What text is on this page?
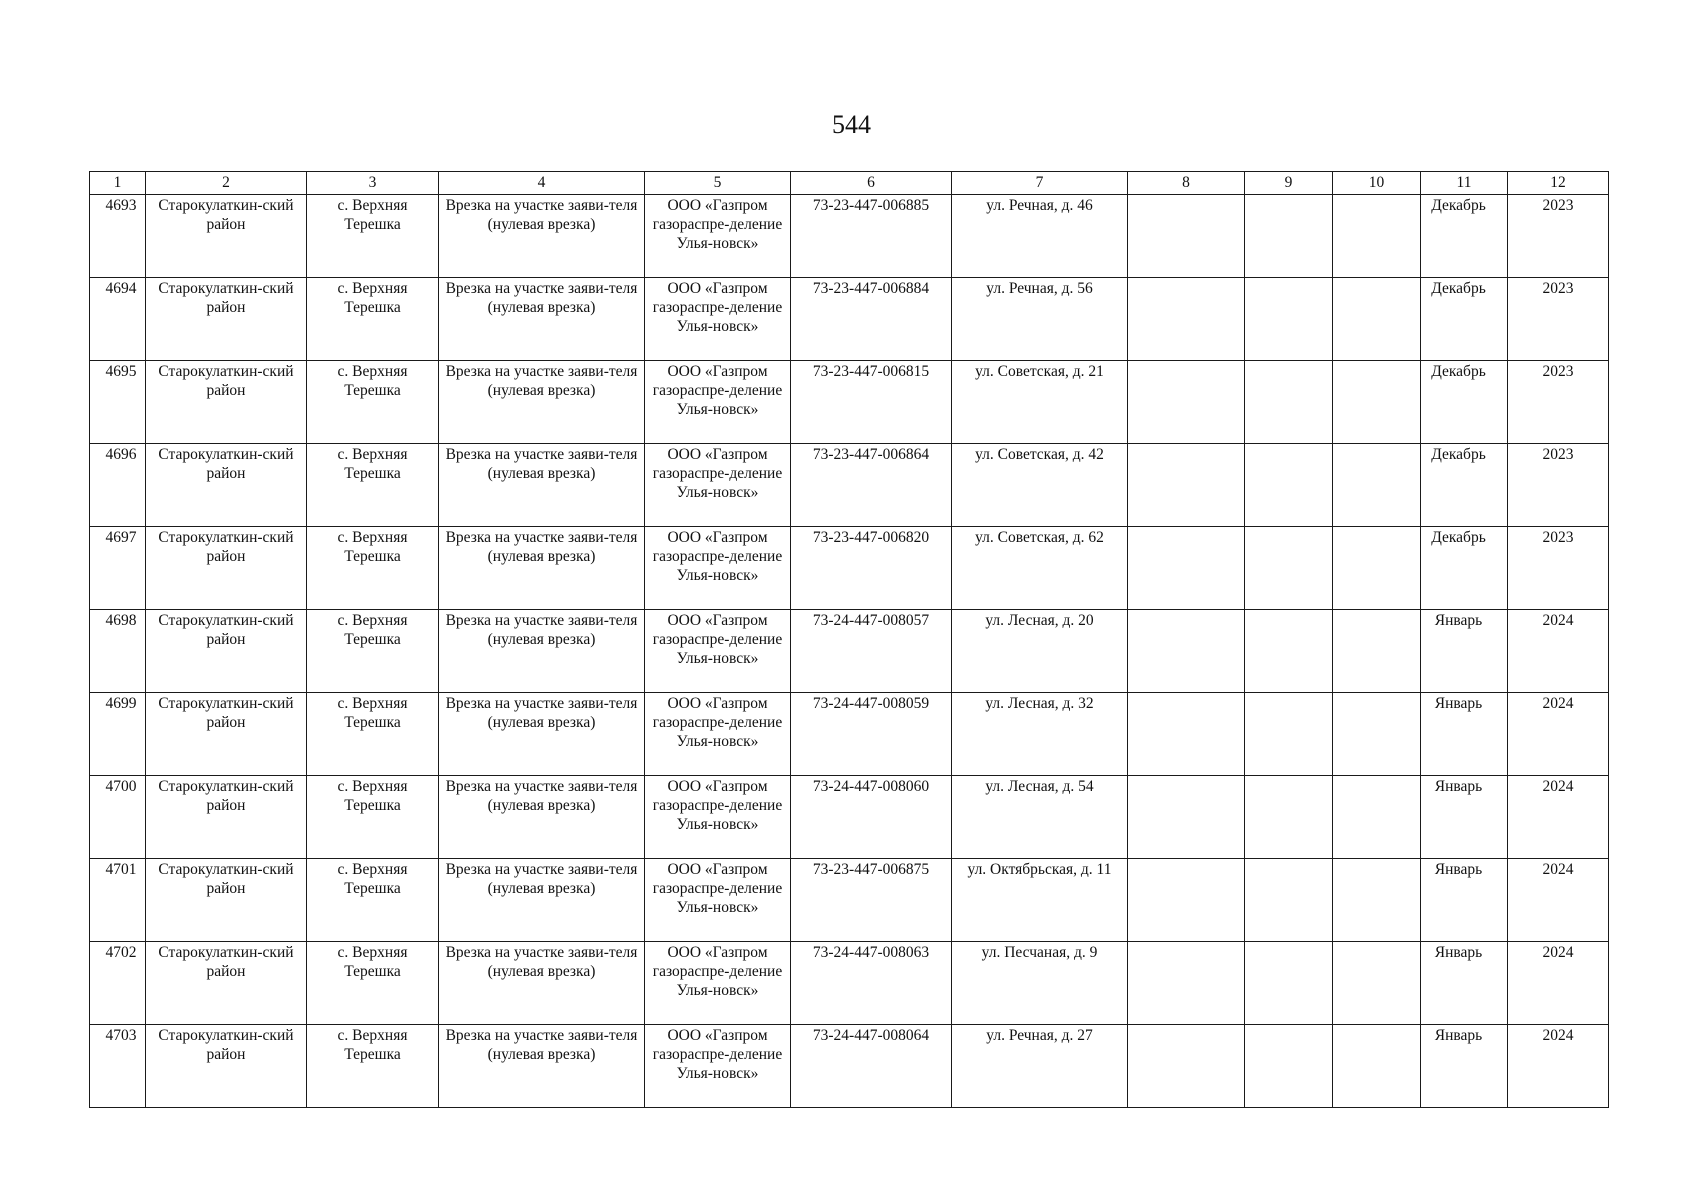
544
1	2	3	4	5	6	7	8	9	10	11	12
4693	Старокулаткин-ский район	с. Верхняя Терешка	Врезка на участке заяви-теля (нулевая врезка)	ООО «Газпром газораспре-деление Улья-новск»	73-23-447-006885	ул. Речная, д. 46				Декабрь	2023
4694	Старокулаткин-ский район	с. Верхняя Терешка	Врезка на участке заяви-теля (нулевая врезка)	ООО «Газпром газораспре-деление Улья-новск»	73-23-447-006884	ул. Речная, д. 56				Декабрь	2023
4695	Старокулаткин-ский район	с. Верхняя Терешка	Врезка на участке заяви-теля (нулевая врезка)	ООО «Газпром газораспре-деление Улья-новск»	73-23-447-006815	ул. Советская, д. 21				Декабрь	2023
4696	Старокулаткин-ский район	с. Верхняя Терешка	Врезка на участке заяви-теля (нулевая врезка)	ООО «Газпром газораспре-деление Улья-новск»	73-23-447-006864	ул. Советская, д. 42				Декабрь	2023
4697	Старокулаткин-ский район	с. Верхняя Терешка	Врезка на участке заяви-теля (нулевая врезка)	ООО «Газпром газораспре-деление Улья-новск»	73-23-447-006820	ул. Советская, д. 62				Декабрь	2023
4698	Старокулаткин-ский район	с. Верхняя Терешка	Врезка на участке заяви-теля (нулевая врезка)	ООО «Газпром газораспре-деление Улья-новск»	73-24-447-008057	ул. Лесная, д. 20				Январь	2024
4699	Старокулаткин-ский район	с. Верхняя Терешка	Врезка на участке заяви-теля (нулевая врезка)	ООО «Газпром газораспре-деление Улья-новск»	73-24-447-008059	ул. Лесная, д. 32				Январь	2024
4700	Старокулаткин-ский район	с. Верхняя Терешка	Врезка на участке заяви-теля (нулевая врезка)	ООО «Газпром газораспре-деление Улья-новск»	73-24-447-008060	ул. Лесная, д. 54				Январь	2024
4701	Старокулаткин-ский район	с. Верхняя Терешка	Врезка на участке заяви-теля (нулевая врезка)	ООО «Газпром газораспре-деление Улья-новск»	73-23-447-006875	ул. Октябрьская, д. 11				Январь	2024
4702	Старокулаткин-ский район	с. Верхняя Терешка	Врезка на участке заяви-теля (нулевая врезка)	ООО «Газпром газораспре-деление Улья-новск»	73-24-447-008063	ул. Песчаная, д. 9				Январь	2024
4703	Старокулаткин-ский район	с. Верхняя Терешка	Врезка на участке заяви-теля (нулевая врезка)	ООО «Газпром газораспре-деление Улья-новск»	73-24-447-008064	ул. Речная, д. 27				Январь	2024
